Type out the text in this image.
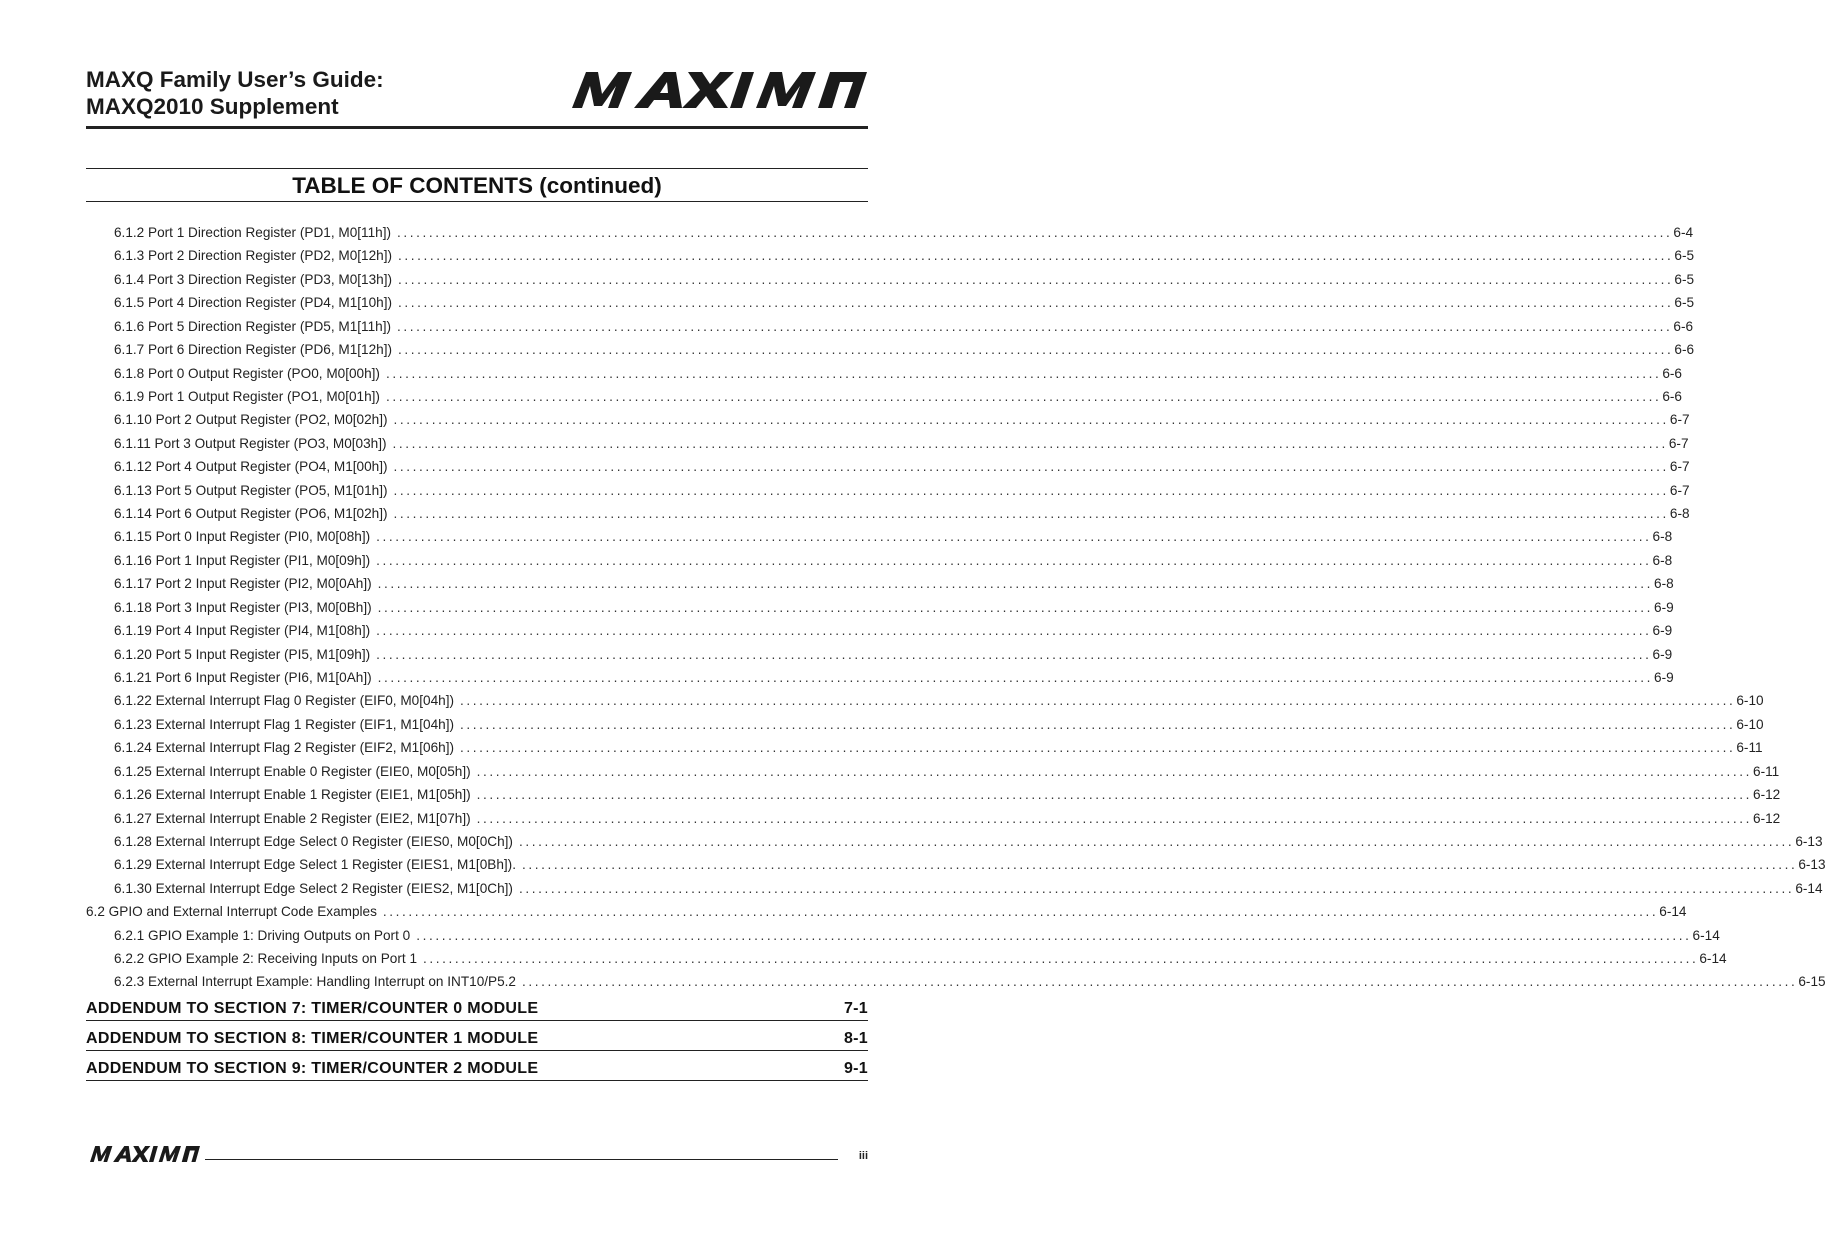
MAXQ Family User’s Guide:
MAXQ2010 Supplement
TABLE OF CONTENTS (continued)
6.1.2 Port 1 Direction Register (PD1, M0[11h]) ........................................................................................................................................................................................................ 6-4
6.1.3 Port 2 Direction Register (PD2, M0[12h]) ........................................................................................................................................................................................................ 6-5
6.1.4 Port 3 Direction Register (PD3, M0[13h]) ........................................................................................................................................................................................................ 6-5
6.1.5 Port 4 Direction Register (PD4, M1[10h]) ........................................................................................................................................................................................................ 6-5
6.1.6 Port 5 Direction Register (PD5, M1[11h]) ........................................................................................................................................................................................................ 6-6
6.1.7 Port 6 Direction Register (PD6, M1[12h]) ........................................................................................................................................................................................................ 6-6
6.1.8 Port 0 Output Register (PO0, M0[00h]) ........................................................................................................................................................................................................ 6-6
6.1.9 Port 1 Output Register (PO1, M0[01h]) ........................................................................................................................................................................................................ 6-6
6.1.10 Port 2 Output Register (PO2, M0[02h]) ........................................................................................................................................................................................................ 6-7
6.1.11 Port 3 Output Register (PO3, M0[03h]) ........................................................................................................................................................................................................ 6-7
6.1.12 Port 4 Output Register (PO4, M1[00h]) ........................................................................................................................................................................................................ 6-7
6.1.13 Port 5 Output Register (PO5, M1[01h]) ........................................................................................................................................................................................................ 6-7
6.1.14 Port 6 Output Register (PO6, M1[02h]) ........................................................................................................................................................................................................ 6-8
6.1.15 Port 0 Input Register (PI0, M0[08h]) ........................................................................................................................................................................................................ 6-8
6.1.16 Port 1 Input Register (PI1, M0[09h]) ........................................................................................................................................................................................................ 6-8
6.1.17 Port 2 Input Register (PI2, M0[0Ah]) ........................................................................................................................................................................................................ 6-8
6.1.18 Port 3 Input Register (PI3, M0[0Bh]) ........................................................................................................................................................................................................ 6-9
6.1.19 Port 4 Input Register (PI4, M1[08h]) ........................................................................................................................................................................................................ 6-9
6.1.20 Port 5 Input Register (PI5, M1[09h]) ........................................................................................................................................................................................................ 6-9
6.1.21 Port 6 Input Register (PI6, M1[0Ah]) ........................................................................................................................................................................................................ 6-9
6.1.22 External Interrupt Flag 0 Register (EIF0, M0[04h]) ........................................................................................................................................................................................................ 6-10
6.1.23 External Interrupt Flag 1 Register (EIF1, M1[04h]) ........................................................................................................................................................................................................ 6-10
6.1.24 External Interrupt Flag 2 Register (EIF2, M1[06h]) ........................................................................................................................................................................................................ 6-11
6.1.25 External Interrupt Enable 0 Register (EIE0, M0[05h]) ........................................................................................................................................................................................................ 6-11
6.1.26 External Interrupt Enable 1 Register (EIE1, M1[05h]) ........................................................................................................................................................................................................ 6-12
6.1.27 External Interrupt Enable 2 Register (EIE2, M1[07h]) ........................................................................................................................................................................................................ 6-12
6.1.28 External Interrupt Edge Select 0 Register (EIES0, M0[0Ch]) ........................................................................................................................................................................................................ 6-13
6.1.29 External Interrupt Edge Select 1 Register (EIES1, M1[0Bh]). ........................................................................................................................................................................................................ 6-13
6.1.30 External Interrupt Edge Select 2 Register (EIES2, M1[0Ch]) ........................................................................................................................................................................................................ 6-14
6.2 GPIO and External Interrupt Code Examples ........................................................................................................................................................................................................ 6-14
6.2.1 GPIO Example 1: Driving Outputs on Port 0 ........................................................................................................................................................................................................ 6-14
6.2.2 GPIO Example 2: Receiving Inputs on Port 1 ........................................................................................................................................................................................................ 6-14
6.2.3 External Interrupt Example: Handling Interrupt on INT10/P5.2 ........................................................................................................................................................................................................ 6-15
ADDENDUM TO SECTION 7: TIMER/COUNTER 0 MODULE	7-1
ADDENDUM TO SECTION 8: TIMER/COUNTER 1 MODULE	8-1
ADDENDUM TO SECTION 9: TIMER/COUNTER 2 MODULE	9-1
iii
